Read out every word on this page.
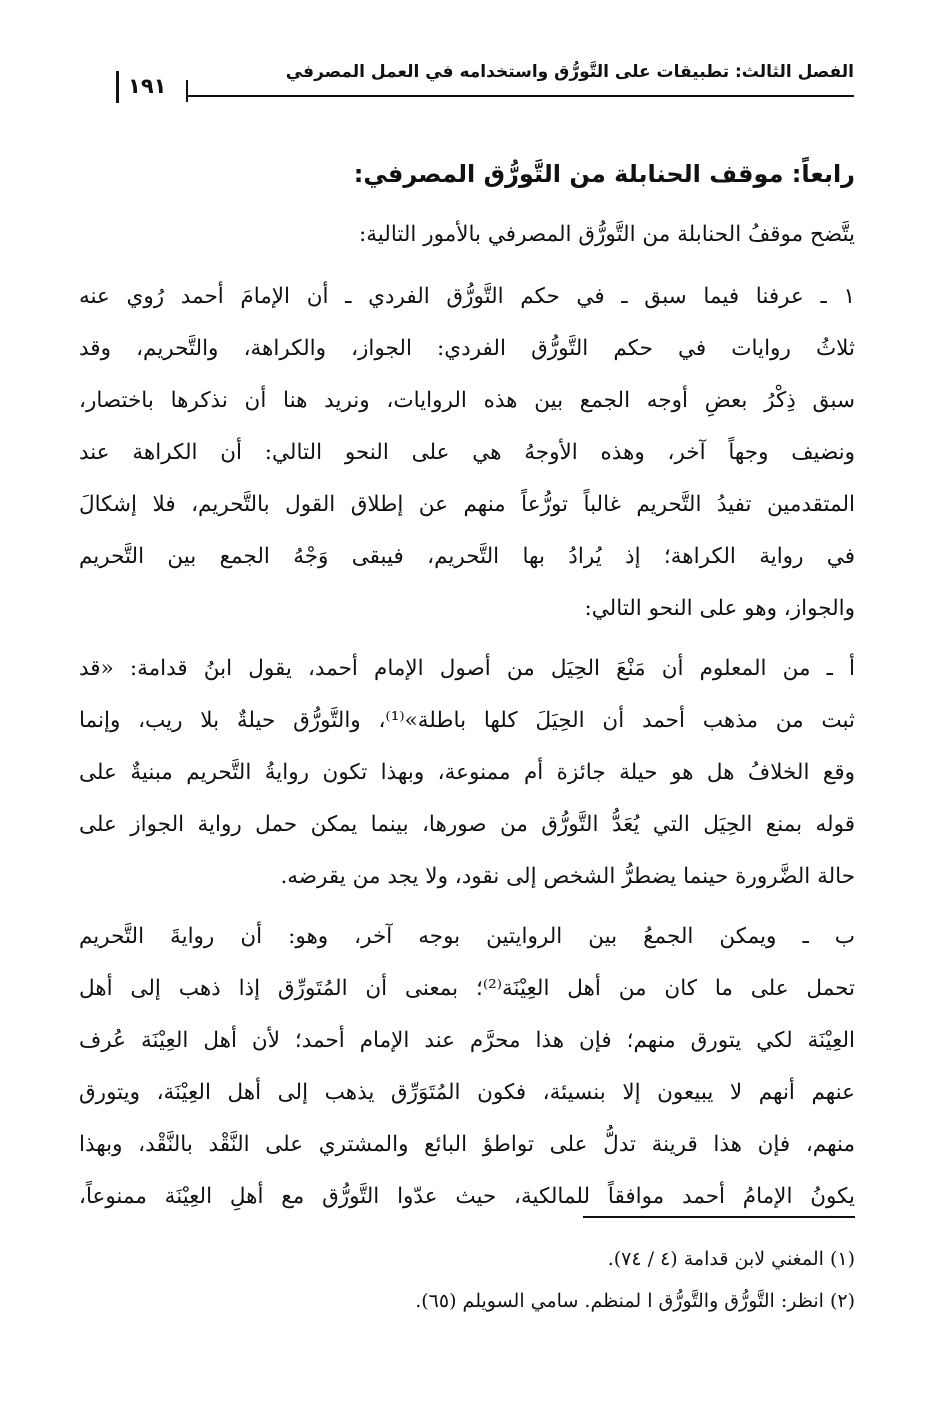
الفصل الثالث: تطبيقات على التَّورُّق واستخدامه في العمل المصرفي
١٩١
رابعاً: موقف الحنابلة من التَّورُّق المصرفي:
يتَّضح موقفُ الحنابلة من التَّورُّق المصرفي بالأمور التالية:
١ ـ عرفنا فيما سبق ـ في حكم التَّورُّق الفردي ـ أن الإمامَ أحمد رُوي عنه
ثلاثُ روايات في حكم التَّورُّق الفردي: الجواز، والكراهة، والتَّحريم، وقد
سبق ذِكْرُ بعضِ أوجه الجمع بين هذه الروايات، ونريد هنا أن نذكرها باختصار،
ونضيف وجهاً آخر، وهذه الأوجهُ هي على النحو التالي: أن الكراهة عند
المتقدمين تفيدُ التَّحريم غالباً تورُّعاً منهم عن إطلاق القول بالتَّحريم، فلا إشكالَ
في رواية الكراهة؛ إذ يُرادُ بها التَّحريم، فيبقى وَجْهُ الجمع بين التَّحريم
والجواز، وهو على النحو التالي:
أ ـ من المعلوم أن مَنْعَ الحِيَل من أصول الإمام أحمد، يقول ابنُ قدامة: «قد
ثبت من مذهب أحمد أن الحِيَلَ كلها باطلة»⁽¹⁾، والتَّورُّق حيلةٌ بلا ريب، وإنما
وقع الخلافُ هل هو حيلة جائزة أم ممنوعة، وبهذا تكون روايةُ التَّحريم مبنيةٌ على
قوله بمنع الحِيَل التي يُعَدُّ التَّورُّق من صورها، بينما يمكن حمل رواية الجواز على
حالة الضَّرورة حينما يضطرُّ الشخص إلى نقود، ولا يجد من يقرضه.
ب ـ ويمكن الجمعُ بين الروايتين بوجه آخر، وهو: أن روايةَ التَّحريم
تحمل على ما كان من أهل العِيْنَة⁽²⁾؛ بمعنى أن المُتَورِّق إذا ذهب إلى أهل
العِيْنَة لكي يتورق منهم؛ فإن هذا محرَّم عند الإمام أحمد؛ لأن أهل العِيْنَة عُرف
عنهم أنهم لا يبيعون إلا بنسيئة، فكون المُتَوَرِّق يذهب إلى أهل العِيْنَة، ويتورق
منهم، فإن هذا قرينة تدلُّ على تواطؤ البائع والمشتري على النَّقْد بالنَّقْد، وبهذا
يكونُ الإمامُ أحمد موافقاً للمالكية، حيث عدّوا التَّورُّق مع أهلِ العِيْنَة ممنوعاً،
(١) المغني لابن قدامة (٤ / ٧٤).
(٢) انظر: التَّورُّق والتَّورُّق ا لمنظم. سامي السويلم (٦٥).
